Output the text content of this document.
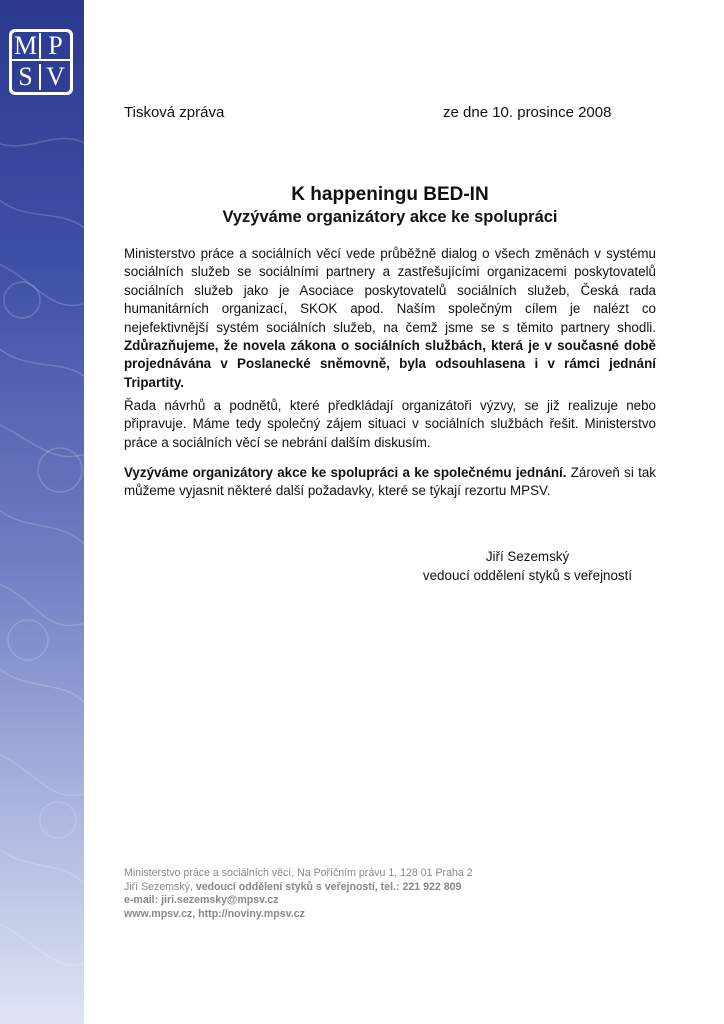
M P
S V
Tisková zpráva	ze dne 10. prosince 2008
K happeningu BED-IN
Vyzýváme organizátory akce ke spolupráci

Ministerstvo práce a sociálních věcí vede průběžně dialog o všech změnách v systému sociálních služeb se sociálními partnery a zastřešujícími organizacemi poskytovatelů sociálních služeb jako je Asociace poskytovatelů sociálních služeb, Česká rada humanitárních organizací, SKOK apod. Naším společným cílem je nalézt co nejefektivnější systém sociálních služeb, na čemž jsme se s těmito partnery shodli. Zdůrazňujeme, že novela zákona o sociálních službách, která je v současné době projednávána v Poslanecké sněmovně, byla odsouhlasena i v rámci jednání Tripartity.

Řada návrhů a podnětů, které předkládají organizátoři výzvy, se již realizuje nebo připravuje. Máme tedy společný zájem situaci v sociálních službách řešit. Ministerstvo práce a sociálních věcí se nebrání dalším diskusím.

Vyzýváme organizátory akce ke spolupráci a ke společnému jednání. Zároveň si tak můžeme vyjasnit některé další požadavky, které se týkají rezortu MPSV.

Jiří Sezemský
vedoucí oddělení styků s veřejností
Ministerstvo práce a sociálních věcí, Na Poříčním právu 1, 128 01 Praha 2
Jiří Sezemský, vedoucí oddělení styků s veřejností, tel.: 221 922 809
e-mail: jiri.sezemsky@mpsv.cz
www.mpsv.cz, http://noviny.mpsv.cz
